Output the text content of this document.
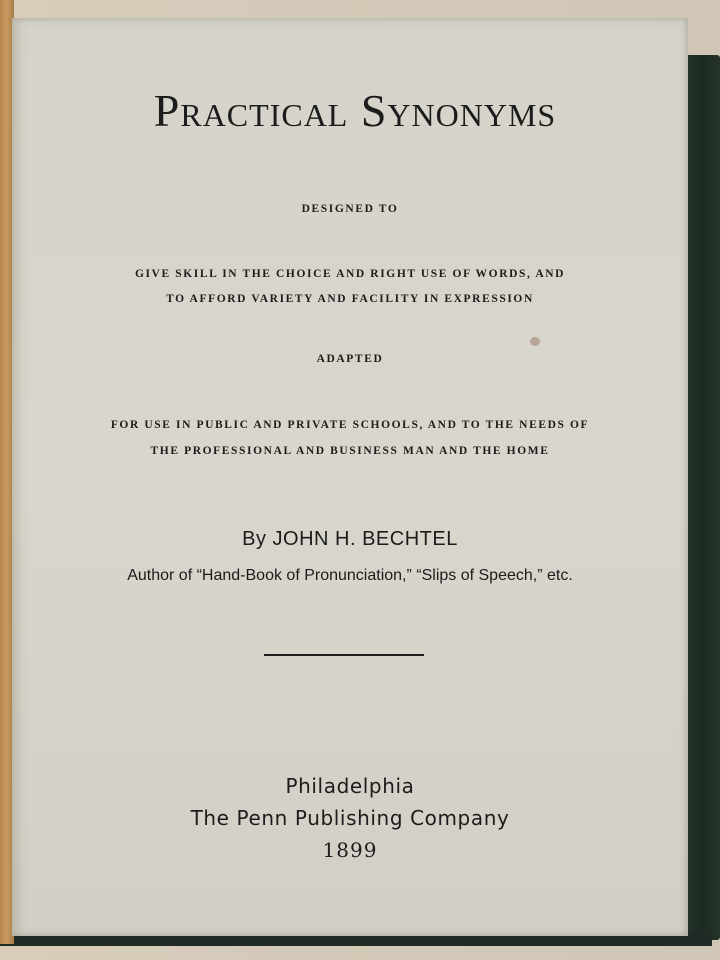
Practical Synonyms
DESIGNED TO
GIVE SKILL IN THE CHOICE AND RIGHT USE OF WORDS, AND
TO AFFORD VARIETY AND FACILITY IN EXPRESSION
ADAPTED
FOR USE IN PUBLIC AND PRIVATE SCHOOLS, AND TO THE NEEDS OF
THE PROFESSIONAL AND BUSINESS MAN AND THE HOME
By JOHN H. BECHTEL
Author of “Hand-Book of Pronunciation,” “Slips of Speech,” etc.
Philadelphia
The Penn Publishing Company
1899
